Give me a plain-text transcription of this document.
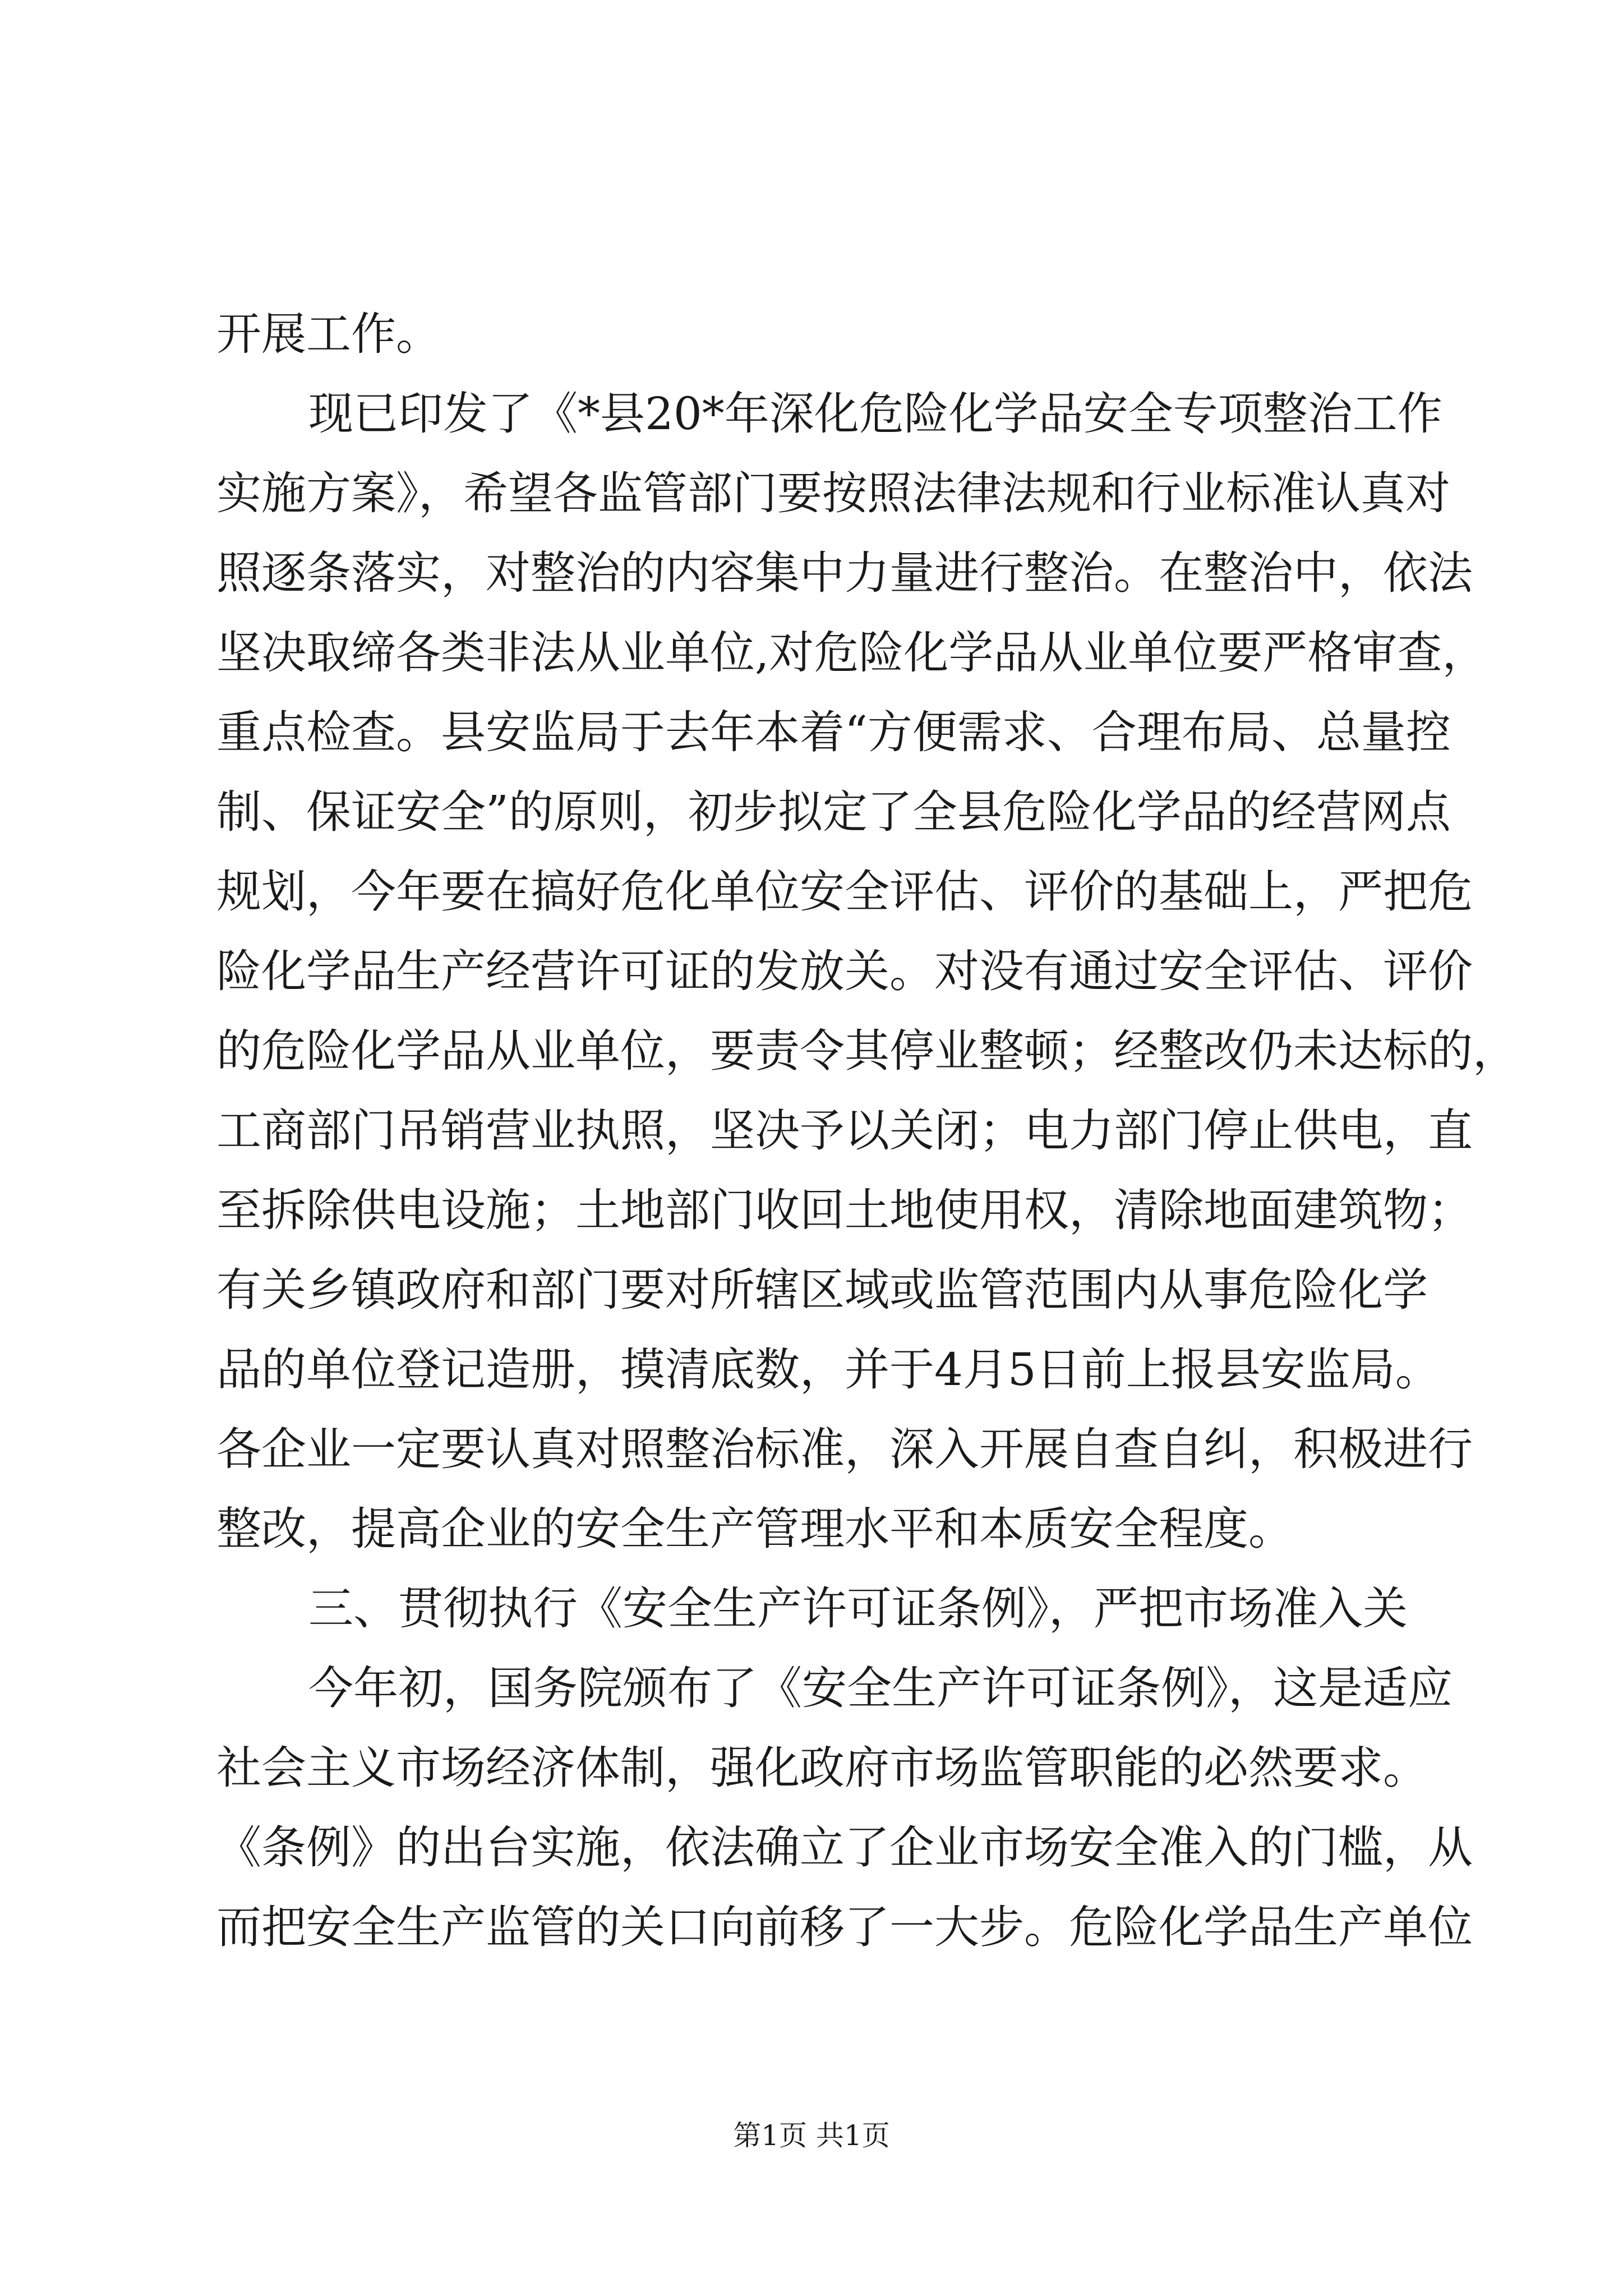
开展工作。
现已印发了《*县20*年深化危险化学品安全专项整治工作
实施方案》，希望各监管部门要按照法律法规和行业标准认真对
照逐条落实，对整治的内容集中力量进行整治。在整治中，依法
坚决取缔各类非法从业单位,对危险化学品从业单位要严格审查，
重点检查。县安监局于去年本着“方便需求、合理布局、总量控
制、保证安全”的原则，初步拟定了全县危险化学品的经营网点
规划，今年要在搞好危化单位安全评估、评价的基础上，严把危
险化学品生产经营许可证的发放关。对没有通过安全评估、评价
的危险化学品从业单位，要责令其停业整顿；经整改仍未达标的，
工商部门吊销营业执照，坚决予以关闭；电力部门停止供电，直
至拆除供电设施；土地部门收回土地使用权，清除地面建筑物；
有关乡镇政府和部门要对所辖区域或监管范围内从事危险化学
品的单位登记造册，摸清底数，并于4月5日前上报县安监局。
各企业一定要认真对照整治标准，深入开展自查自纠，积极进行
整改，提高企业的安全生产管理水平和本质安全程度。
三、贯彻执行《安全生产许可证条例》，严把市场准入关
今年初，国务院颁布了《安全生产许可证条例》，这是适应
社会主义市场经济体制，强化政府市场监管职能的必然要求。
《条例》的出台实施，依法确立了企业市场安全准入的门槛，从
而把安全生产监管的关口向前移了一大步。危险化学品生产单位
第1页 共1页
